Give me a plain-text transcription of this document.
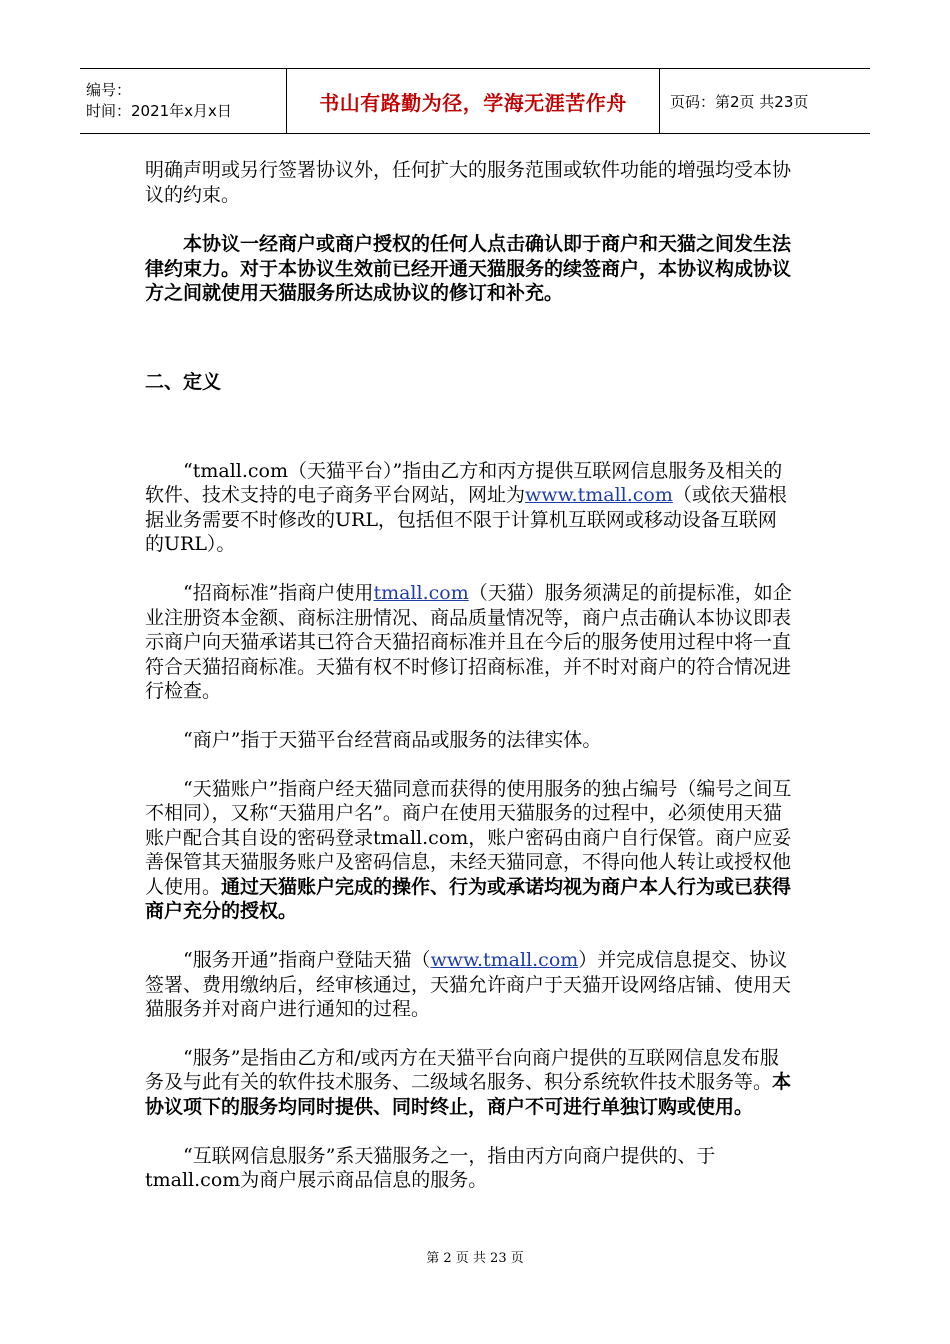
编号：
时间：2021年x月x日	书山有路勤为径，学海无涯苦作舟	页码：第2页 共23页

明确声明或另行签署协议外，任何扩大的服务范围或软件功能的增强均受本协议的约束。

本协议一经商户或商户授权的任何人点击确认即于商户和天猫之间发生法律约束力。对于本协议生效前已经开通天猫服务的续签商户，本协议构成协议方之间就使用天猫服务所达成协议的修订和补充。

二、定义

“tmall.com（天猫平台）”指由乙方和丙方提供互联网信息服务及相关的软件、技术支持的电子商务平台网站，网址为www.tmall.com（或依天猫根据业务需要不时修改的URL，包括但不限于计算机互联网或移动设备互联网的URL）。

“招商标准”指商户使用tmall.com（天猫）服务须满足的前提标准，如企业注册资本金额、商标注册情况、商品质量情况等，商户点击确认本协议即表示商户向天猫承诺其已符合天猫招商标准并且在今后的服务使用过程中将一直符合天猫招商标准。天猫有权不时修订招商标准，并不时对商户的符合情况进行检查。

“商户”指于天猫平台经营商品或服务的法律实体。

“天猫账户”指商户经天猫同意而获得的使用服务的独占编号（编号之间互不相同），又称“天猫用户名”。商户在使用天猫服务的过程中，必须使用天猫账户配合其自设的密码登录tmall.com，账户密码由商户自行保管。商户应妥善保管其天猫服务账户及密码信息，未经天猫同意，不得向他人转让或授权他人使用。通过天猫账户完成的操作、行为或承诺均视为商户本人行为或已获得商户充分的授权。

“服务开通”指商户登陆天猫（www.tmall.com）并完成信息提交、协议签署、费用缴纳后，经审核通过，天猫允许商户于天猫开设网络店铺、使用天猫服务并对商户进行通知的过程。

“服务”是指由乙方和/或丙方在天猫平台向商户提供的互联网信息发布服务及与此有关的软件技术服务、二级域名服务、积分系统软件技术服务等。本协议项下的服务均同时提供、同时终止，商户不可进行单独订购或使用。

“互联网信息服务”系天猫服务之一，指由丙方向商户提供的、于tmall.com为商户展示商品信息的服务。

第 2 页 共 23 页
